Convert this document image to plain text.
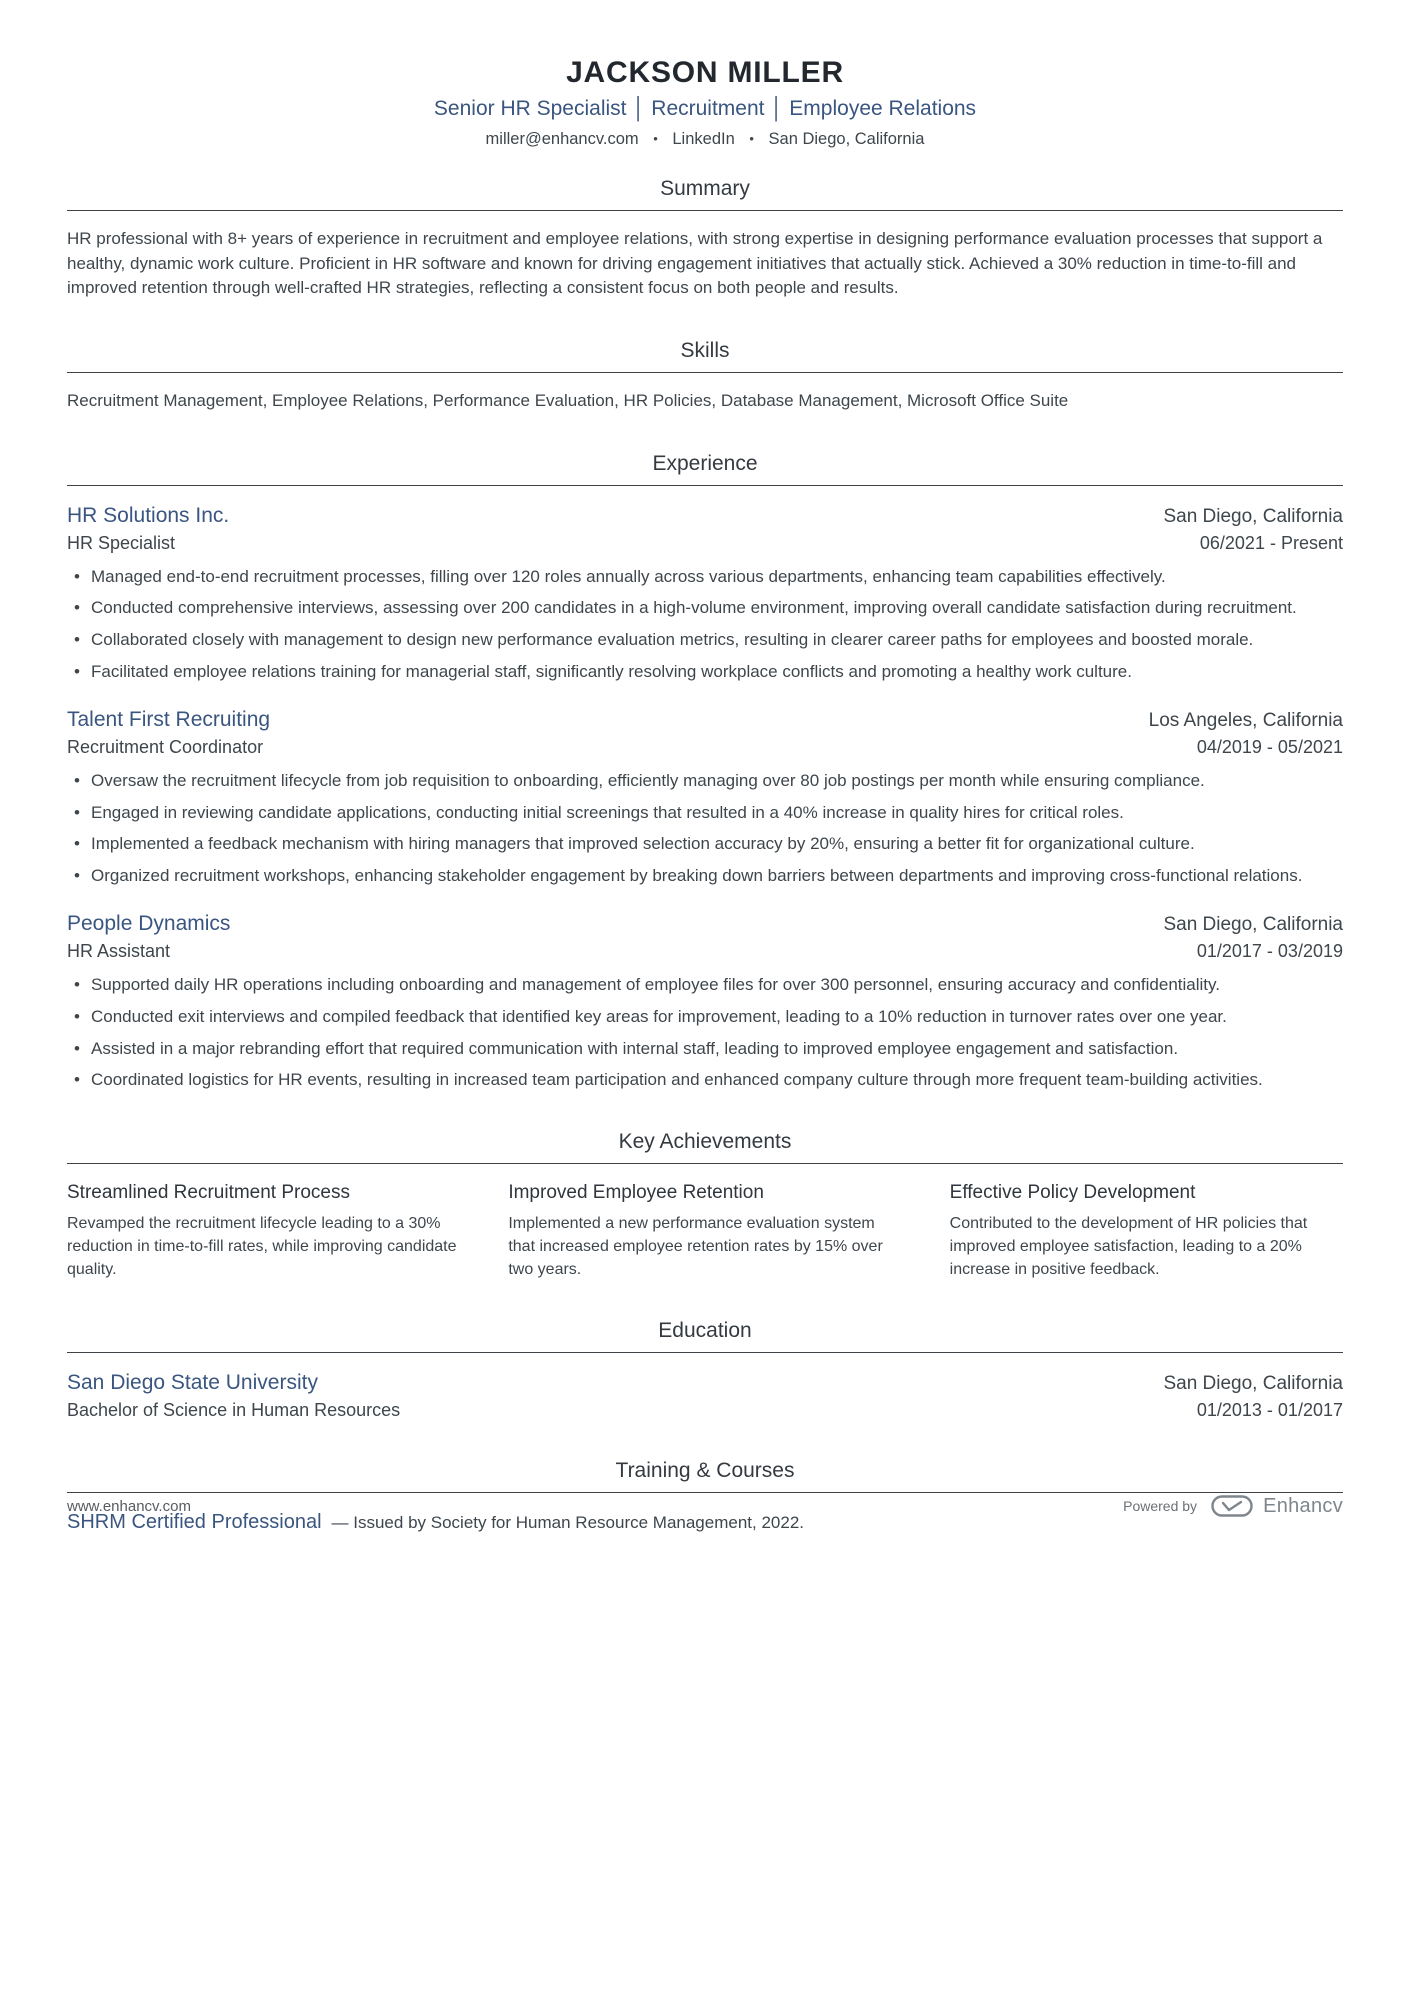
JACKSON MILLER
Senior HR Specialist │ Recruitment │ Employee Relations
miller@enhancv.com • LinkedIn • San Diego, California
Summary

HR professional with 8+ years of experience in recruitment and employee relations, with strong expertise in designing performance evaluation processes that support a healthy, dynamic work culture. Proficient in HR software and known for driving engagement initiatives that actually stick. Achieved a 30% reduction in time-to-fill and improved retention through well-crafted HR strategies, reflecting a consistent focus on both people and results.

Skills

Recruitment Management, Employee Relations, Performance Evaluation, HR Policies, Database Management, Microsoft Office Suite

Experience
HR Solutions Inc.	San Diego, California
HR Specialist	06/2021 - Present
• Managed end-to-end recruitment processes, filling over 120 roles annually across various departments, enhancing team capabilities effectively.
• Conducted comprehensive interviews, assessing over 200 candidates in a high-volume environment, improving overall candidate satisfaction during recruitment.
• Collaborated closely with management to design new performance evaluation metrics, resulting in clearer career paths for employees and boosted morale.
• Facilitated employee relations training for managerial staff, significantly resolving workplace conflicts and promoting a healthy work culture.
Talent First Recruiting	Los Angeles, California
Recruitment Coordinator	04/2019 - 05/2021
• Oversaw the recruitment lifecycle from job requisition to onboarding, efficiently managing over 80 job postings per month while ensuring compliance.
• Engaged in reviewing candidate applications, conducting initial screenings that resulted in a 40% increase in quality hires for critical roles.
• Implemented a feedback mechanism with hiring managers that improved selection accuracy by 20%, ensuring a better fit for organizational culture.
• Organized recruitment workshops, enhancing stakeholder engagement by breaking down barriers between departments and improving cross-functional relations.
People Dynamics	San Diego, California
HR Assistant	01/2017 - 03/2019
• Supported daily HR operations including onboarding and management of employee files for over 300 personnel, ensuring accuracy and confidentiality.
• Conducted exit interviews and compiled feedback that identified key areas for improvement, leading to a 10% reduction in turnover rates over one year.
• Assisted in a major rebranding effort that required communication with internal staff, leading to improved employee engagement and satisfaction.
• Coordinated logistics for HR events, resulting in increased team participation and enhanced company culture through more frequent team-building activities.
Key Achievements
Streamlined Recruitment Process
Revamped the recruitment lifecycle leading to a 30% reduction in time-to-fill rates, while improving candidate quality.
Improved Employee Retention
Implemented a new performance evaluation system that increased employee retention rates by 15% over two years.
Effective Policy Development
Contributed to the development of HR policies that improved employee satisfaction, leading to a 20% increase in positive feedback.
Education
San Diego State University	San Diego, California
Bachelor of Science in Human Resources	01/2013 - 01/2017
Training & Courses
SHRM Certified Professional — Issued by Society for Human Resource Management, 2022.
www.enhancv.com	Powered by	Enhancv
